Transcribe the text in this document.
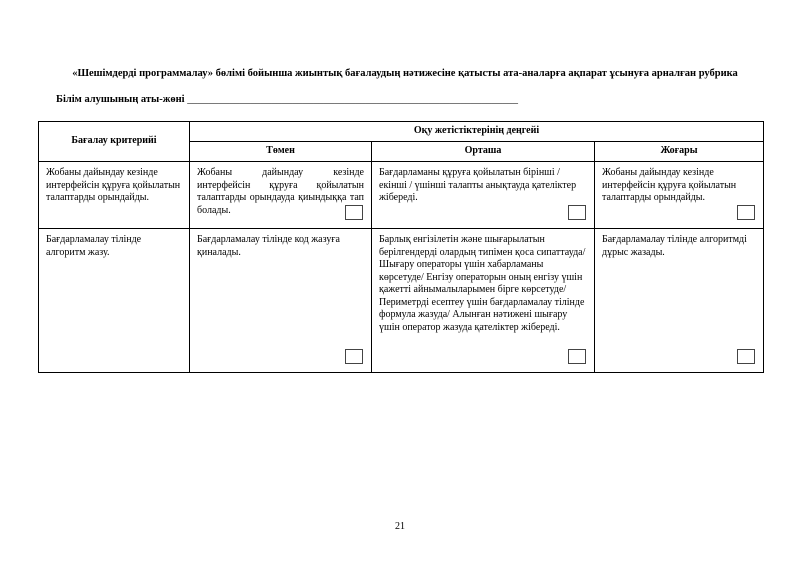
«Шешімдерді программалау» бөлімі бойынша жиынтық бағалаудың нәтижесіне қатысты ата-аналарға ақпарат ұсынуға арналған рубрика
Білім алушының аты-жөні _______________________________________________________________
Бағалау критерийі	Оқу жетістіктерінің деңгейі		
	Төмен	Орташа	Жоғары

Жобаны дайындау кезінде интерфейсін құруға қойылатын талаптарды орындайды.	Жобаны дайындау кезінде интерфейсін құруға қойылатын талаптарды орындауда қиындыққа тап болады.	Бағдарламаны құруға қойылатын бірінші / екінші / үшінші талапты анықтауда қателіктер жібереді.	Жобаны дайындау кезінде интерфейсін құруға қойылатын талаптарды орындайды.

Бағдарламалау тілінде алгоритм жазу.	Бағдарламалау тілінде код жазуға қиналады.	Барлық енгізілетін және шығарылатын берілгендерді олардың типімен қоса сипаттауда/ Шығару операторы үшін хабарламаны көрсетуде/ Енгізу операторын оның енгізу үшін қажетті айнымалыларымен бірге көрсетуде/ Периметрді есептеу үшін бағдарламалау тілінде формула жазуда/ Алынған нәтижені шығару үшін оператор жазуда қателіктер жібереді.	Бағдарламалау тілінде алгоритмді дұрыс жазады.
21
